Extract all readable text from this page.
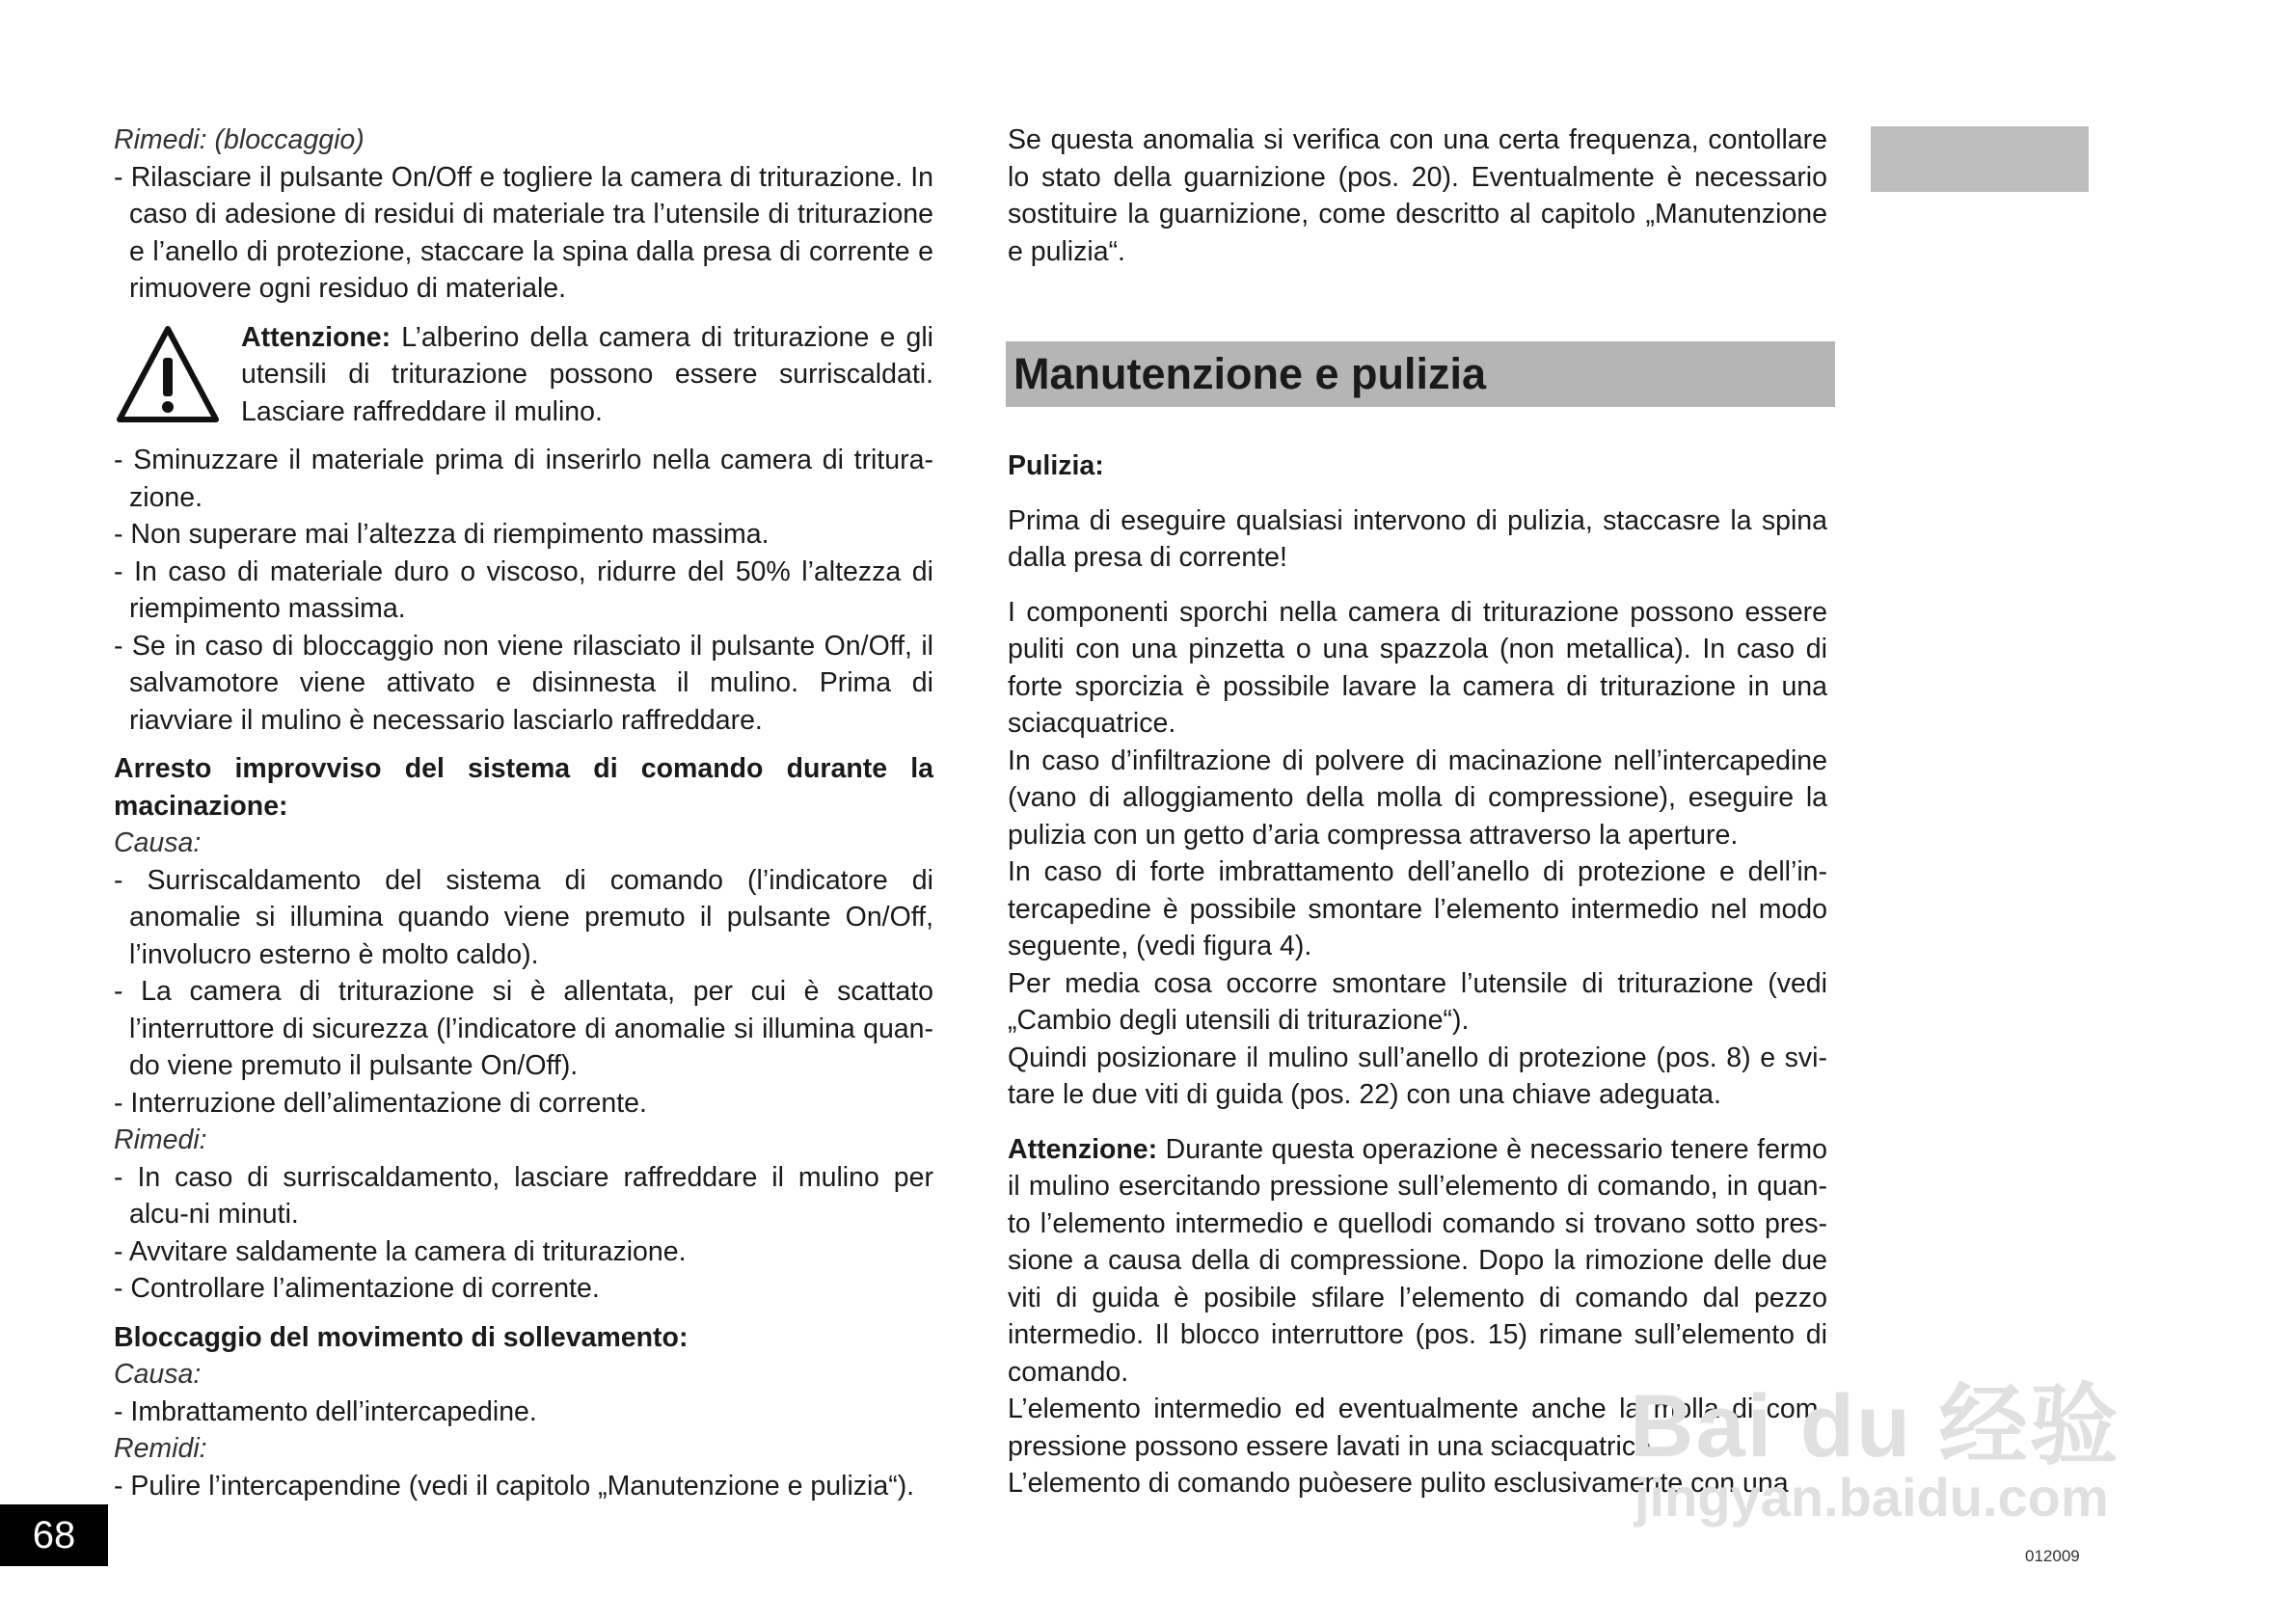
Rimedi: (bloccaggio)

- Rilasciare il pulsante On/Off e togliere la camera di triturazione. In caso di adesione di residui di materiale tra l’utensile di triturazione e l’anello di protezione, staccare la spina dalla presa di corrente e rimuovere ogni residuo di materiale.

Attenzione: L’alberino della camera di triturazione e gli utensili di triturazione possono essere surriscaldati. Lasciare raffreddare il mulino.

- Sminuzzare il materiale prima di inserirlo nella camera di tritura-zione.

- Non superare mai l’altezza di riempimento massima.

- In caso di materiale duro o viscoso, ridurre del 50% l’altezza di riempimento massima.

- Se in caso di bloccaggio non viene rilasciato il pulsante On/Off, il salvamotore viene attivato e disinnesta il mulino. Prima di riavviare il mulino è necessario lasciarlo raffreddare.

Arresto improvviso del sistema di comando durante la macinazione:

Causa:

- Surriscaldamento del sistema di comando (l’indicatore di anomalie si illumina quando viene premuto il pulsante On/Off, l’involucro esterno è molto caldo).

- La camera di triturazione si è allentata, per cui è scattato l’interruttore di sicurezza (l’indicatore di anomalie si illumina quan-do viene premuto il pulsante On/Off).

- Interruzione dell’alimentazione di corrente.

Rimedi:

- In caso di surriscaldamento, lasciare raffreddare il mulino per alcu-ni minuti.

- Avvitare saldamente la camera di triturazione.

- Controllare l’alimentazione di corrente.

Bloccaggio del movimento di sollevamento:

Causa:

- Imbrattamento dell’intercapedine.

Remidi:

- Pulire l’intercapendine (vedi il capitolo „Manutenzione e pulizia“).

Se questa anomalia si verifica con una certa frequenza, contollare lo stato della guarnizione (pos. 20). Eventualmente è necessario sostituire la guarnizione, come descritto al capitolo „Manutenzione e pulizia“.

Manutenzione e pulizia

Pulizia:

Prima di eseguire qualsiasi intervono di pulizia, staccasre la spina dalla presa di corrente!

I componenti sporchi nella camera di triturazione possono essere puliti con una pinzetta o una spazzola (non metallica). In caso di forte sporcizia è possibile lavare la camera di triturazione in una sciacquatrice.

In caso d’infiltrazione di polvere di macinazione nell’intercapedine (vano di alloggiamento della molla di compressione), eseguire la pulizia con un getto d’aria compressa attraverso la aperture.

In caso di forte imbrattamento dell’anello di protezione e dell’in-tercapedine è possibile smontare l’elemento intermedio nel modo seguente, (vedi figura 4).

Per media cosa occorre smontare l’utensile di triturazione (vedi „Cambio degli utensili di triturazione“).

Quindi posizionare il mulino sull’anello di protezione (pos. 8) e svi-tare le due viti di guida (pos. 22) con una chiave adeguata.

Attenzione: Durante questa operazione è necessario tenere fermo il mulino esercitando pressione sull’elemento di comando, in quan-to l’elemento intermedio e quellodi comando si trovano sotto pres-sione a causa della di compressione. Dopo la rimozione delle due viti di guida è posibile sfilare l’elemento di comando dal pezzo intermedio. Il blocco interruttore (pos. 15) rimane sull’elemento di comando.

L’elemento intermedio ed eventualmente anche la molla di com-pressione possono essere lavati in una sciacquatrice.

L’elemento di comando puòesere pulito esclusivamente con una

68	012009
Bai du 经验
jingyan.baidu.com
